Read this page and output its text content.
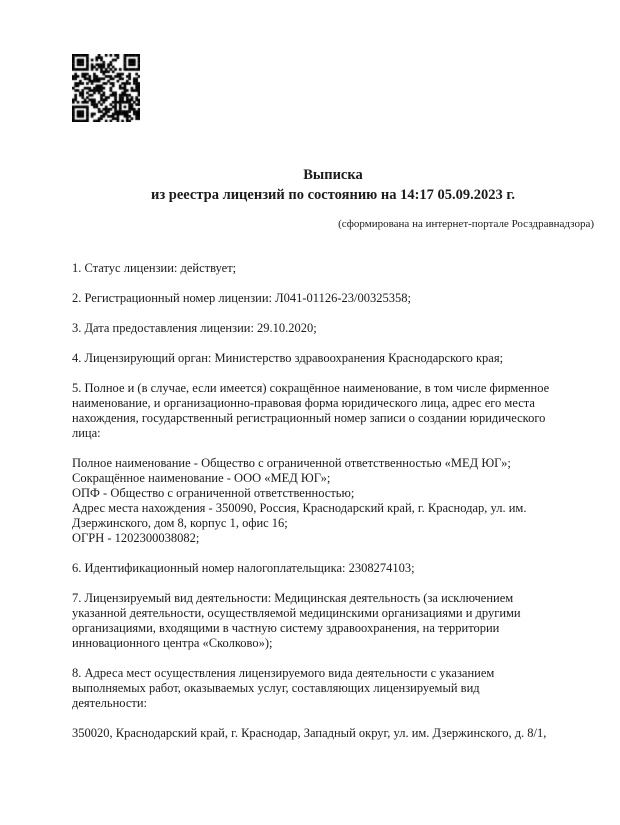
Выписка
из реестра лицензий по состоянию на 14:17 05.09.2023 г.
(сформирована на интернет-портале Росздравнадзора)

1. Статус лицензии: действует;

2. Регистрационный номер лицензии: Л041-01126-23/00325358;

3. Дата предоставления лицензии: 29.10.2020;

4. Лицензирующий орган: Министерство здравоохранения Краснодарского края;

5. Полное и (в случае, если имеется) сокращённое наименование, в том числе фирменное наименование, и организационно-правовая форма юридического лица, адрес его места нахождения, государственный регистрационный номер записи о создании юридического лица:

Полное наименование - Общество с ограниченной ответственностью «МЕД ЮГ»;
Сокращённое наименование - ООО «МЕД ЮГ»;
ОПФ - Общество с ограниченной ответственностью;
Адрес места нахождения - 350090, Россия, Краснодарский край, г. Краснодар, ул. им. Дзержинского, дом 8, корпус 1, офис 16;
ОГРН - 1202300038082;

6. Идентификационный номер налогоплательщика: 2308274103;

7. Лицензируемый вид деятельности: Медицинская деятельность (за исключением указанной деятельности, осуществляемой медицинскими организациями и другими организациями, входящими в частную систему здравоохранения, на территории инновационного центра «Сколково»);

8. Адреса мест осуществления лицензируемого вида деятельности с указанием выполняемых работ, оказываемых услуг, составляющих лицензируемый вид деятельности:

350020, Краснодарский край, г. Краснодар, Западный округ, ул. им. Дзержинского, д. 8/1,
